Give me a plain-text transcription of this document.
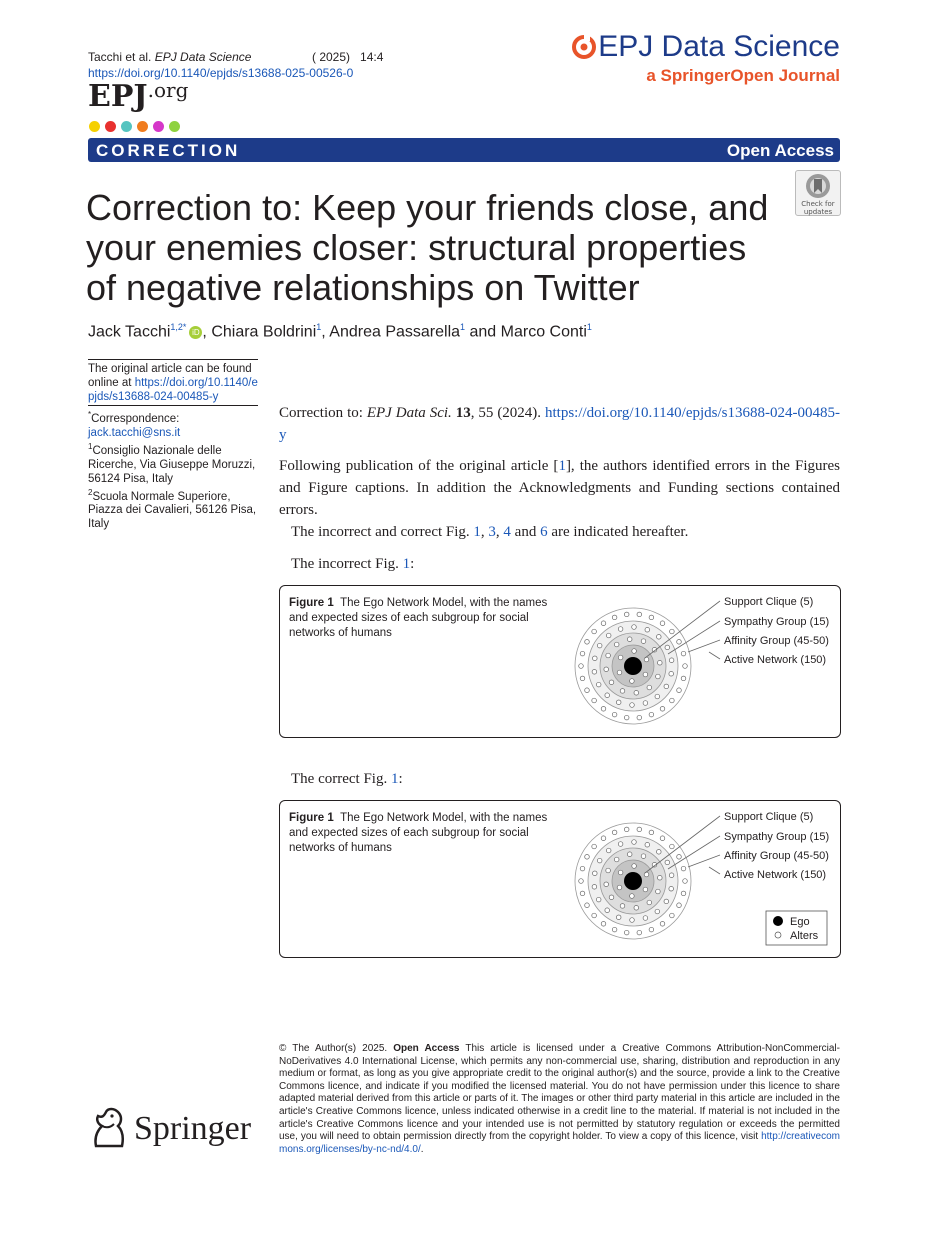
Tacchi et al. EPJ Data Science	( 2025) 14:4
https://doi.org/10.1140/epjds/s13688-025-00526-0
$EPJ^{.org}$
EPJ Data Science
a SpringerOpen Journal
CORRECTION	Open Access
Correction to: Keep your friends close, and your enemies closer: structural properties of negative relationships on Twitter
Check for updates
Jack Tacchi$^{1,2*}$iD , Chiara Boldrini$^1$, Andrea Passarella$^1$ and Marco Conti$^1$
The original article can be found online at https://doi.org/10.1140/epjds/s13688-024-00485-y
*Correspondence: jack.tacchi@sns.it
$^1$Consiglio Nazionale delle Ricerche, Via Giuseppe Moruzzi, 56124 Pisa, Italy
$^2$Scuola Normale Superiore, Piazza dei Cavalieri, 56126 Pisa, Italy
Correction to: EPJ Data Sci. 13, 55 (2024). https://doi.org/10.1140/epjds/s13688-024-00485-y
Following publication of the original article [1], the authors identified errors in the Figures and Figure captions. In addition the Acknowledgments and Funding sections contained errors.
The incorrect and correct Fig. 1, 3, 4 and 6 are indicated hereafter.
The incorrect Fig. 1:
Figure 1 The Ego Network Model, with the names and expected sizes of each subgroup for social networks of humans
Support Clique (5)
Sympathy Group (15)
Affinity Group (45-50)
Active Network (150)
The correct Fig. 1:
Figure 1 The Ego Network Model, with the names and expected sizes of each subgroup for social networks of humans
Support Clique (5)
Sympathy Group (15)
Affinity Group (45-50)
Active Network (150)
Ego
Alters
© The Author(s) 2025. Open Access This article is licensed under a Creative Commons Attribution-NonCommercial-NoDerivatives 4.0 International License, which permits any non-commercial use, sharing, distribution and reproduction in any medium or format, as long as you give appropriate credit to the original author(s) and the source, provide a link to the Creative Commons licence, and indicate if you modified the licensed material. You do not have permission under this licence to share adapted material derived from this article or parts of it. The images or other third party material in this article are included in the article's Creative Commons licence, unless indicated otherwise in a credit line to the material. If material is not included in the article's Creative Commons licence and your intended use is not permitted by statutory regulation or exceeds the permitted use, you will need to obtain permission directly from the copyright holder. To view a copy of this licence, visit http://creativecommons.org/licenses/by-nc-nd/4.0/.
Springer
